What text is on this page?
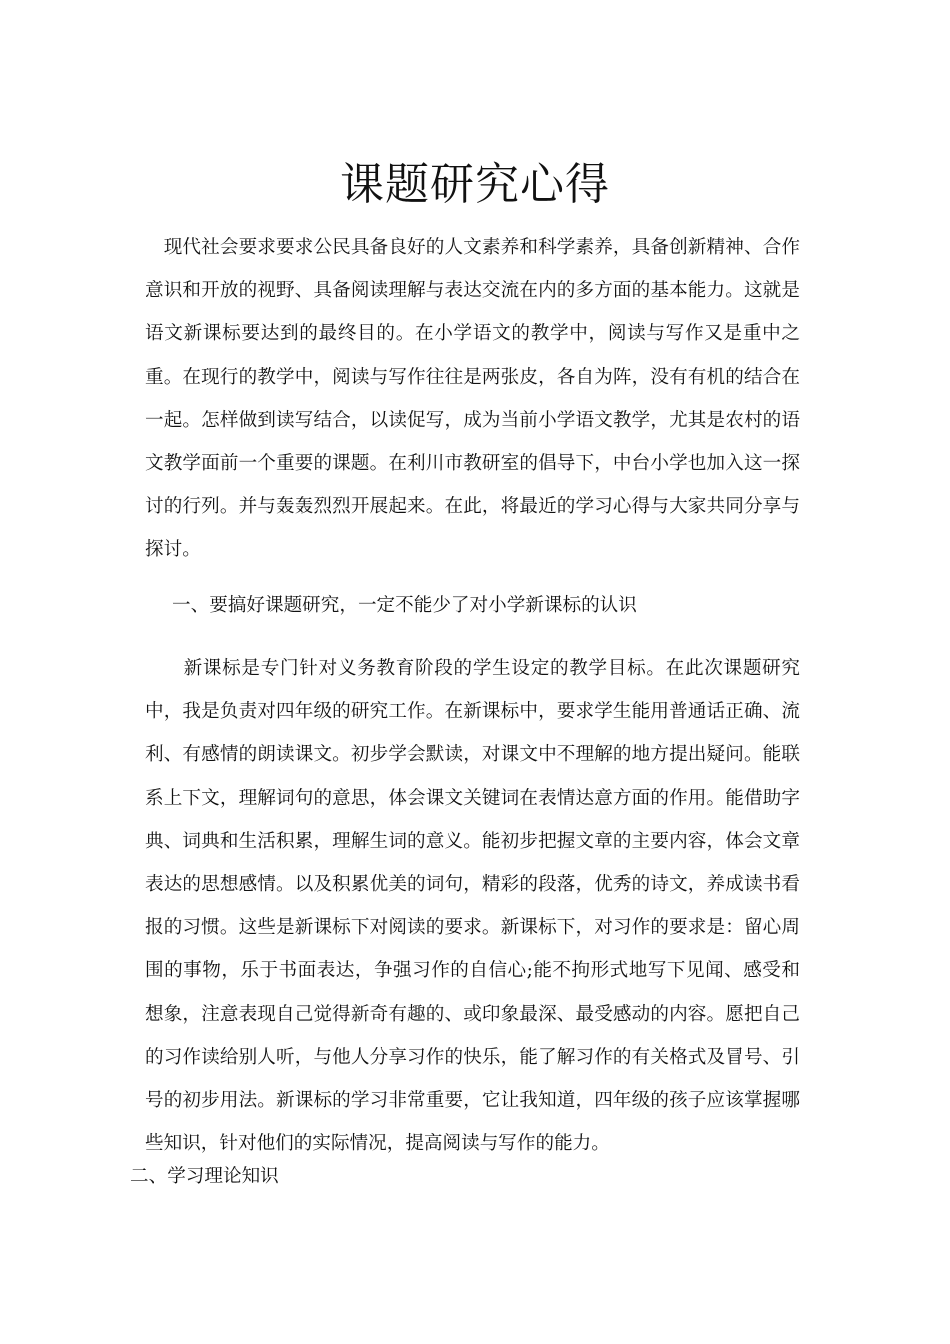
课题研究心得

　现代社会要求要求公民具备良好的人文素养和科学素养，具备创新精神、合作意识和开放的视野、具备阅读理解与表达交流在内的多方面的基本能力。这就是语文新课标要达到的最终目的。在小学语文的教学中，阅读与写作又是重中之重。在现行的教学中，阅读与写作往往是两张皮，各自为阵，没有有机的结合在一起。怎样做到读写结合，以读促写，成为当前小学语文教学，尤其是农村的语文教学面前一个重要的课题。在利川市教研室的倡导下，中台小学也加入这一探讨的行列。并与轰轰烈烈开展起来。在此，将最近的学习心得与大家共同分享与探讨。

一、要搞好课题研究，一定不能少了对小学新课标的认识

　　新课标是专门针对义务教育阶段的学生设定的教学目标。在此次课题研究中，我是负责对四年级的研究工作。在新课标中，要求学生能用普通话正确、流利、有感情的朗读课文。初步学会默读，对课文中不理解的地方提出疑问。能联系上下文，理解词句的意思，体会课文关键词在表情达意方面的作用。能借助字典、词典和生活积累，理解生词的意义。能初步把握文章的主要内容，体会文章表达的思想感情。以及积累优美的词句，精彩的段落，优秀的诗文，养成读书看报的习惯。这些是新课标下对阅读的要求。新课标下，对习作的要求是：留心周围的事物，乐于书面表达，争强习作的自信心;能不拘形式地写下见闻、感受和想象，注意表现自己觉得新奇有趣的、或印象最深、最受感动的内容。愿把自己的习作读给别人听，与他人分享习作的快乐，能了解习作的有关格式及冒号、引号的初步用法。新课标的学习非常重要，它让我知道，四年级的孩子应该掌握哪些知识，针对他们的实际情况，提高阅读与写作的能力。

二、学习理论知识
